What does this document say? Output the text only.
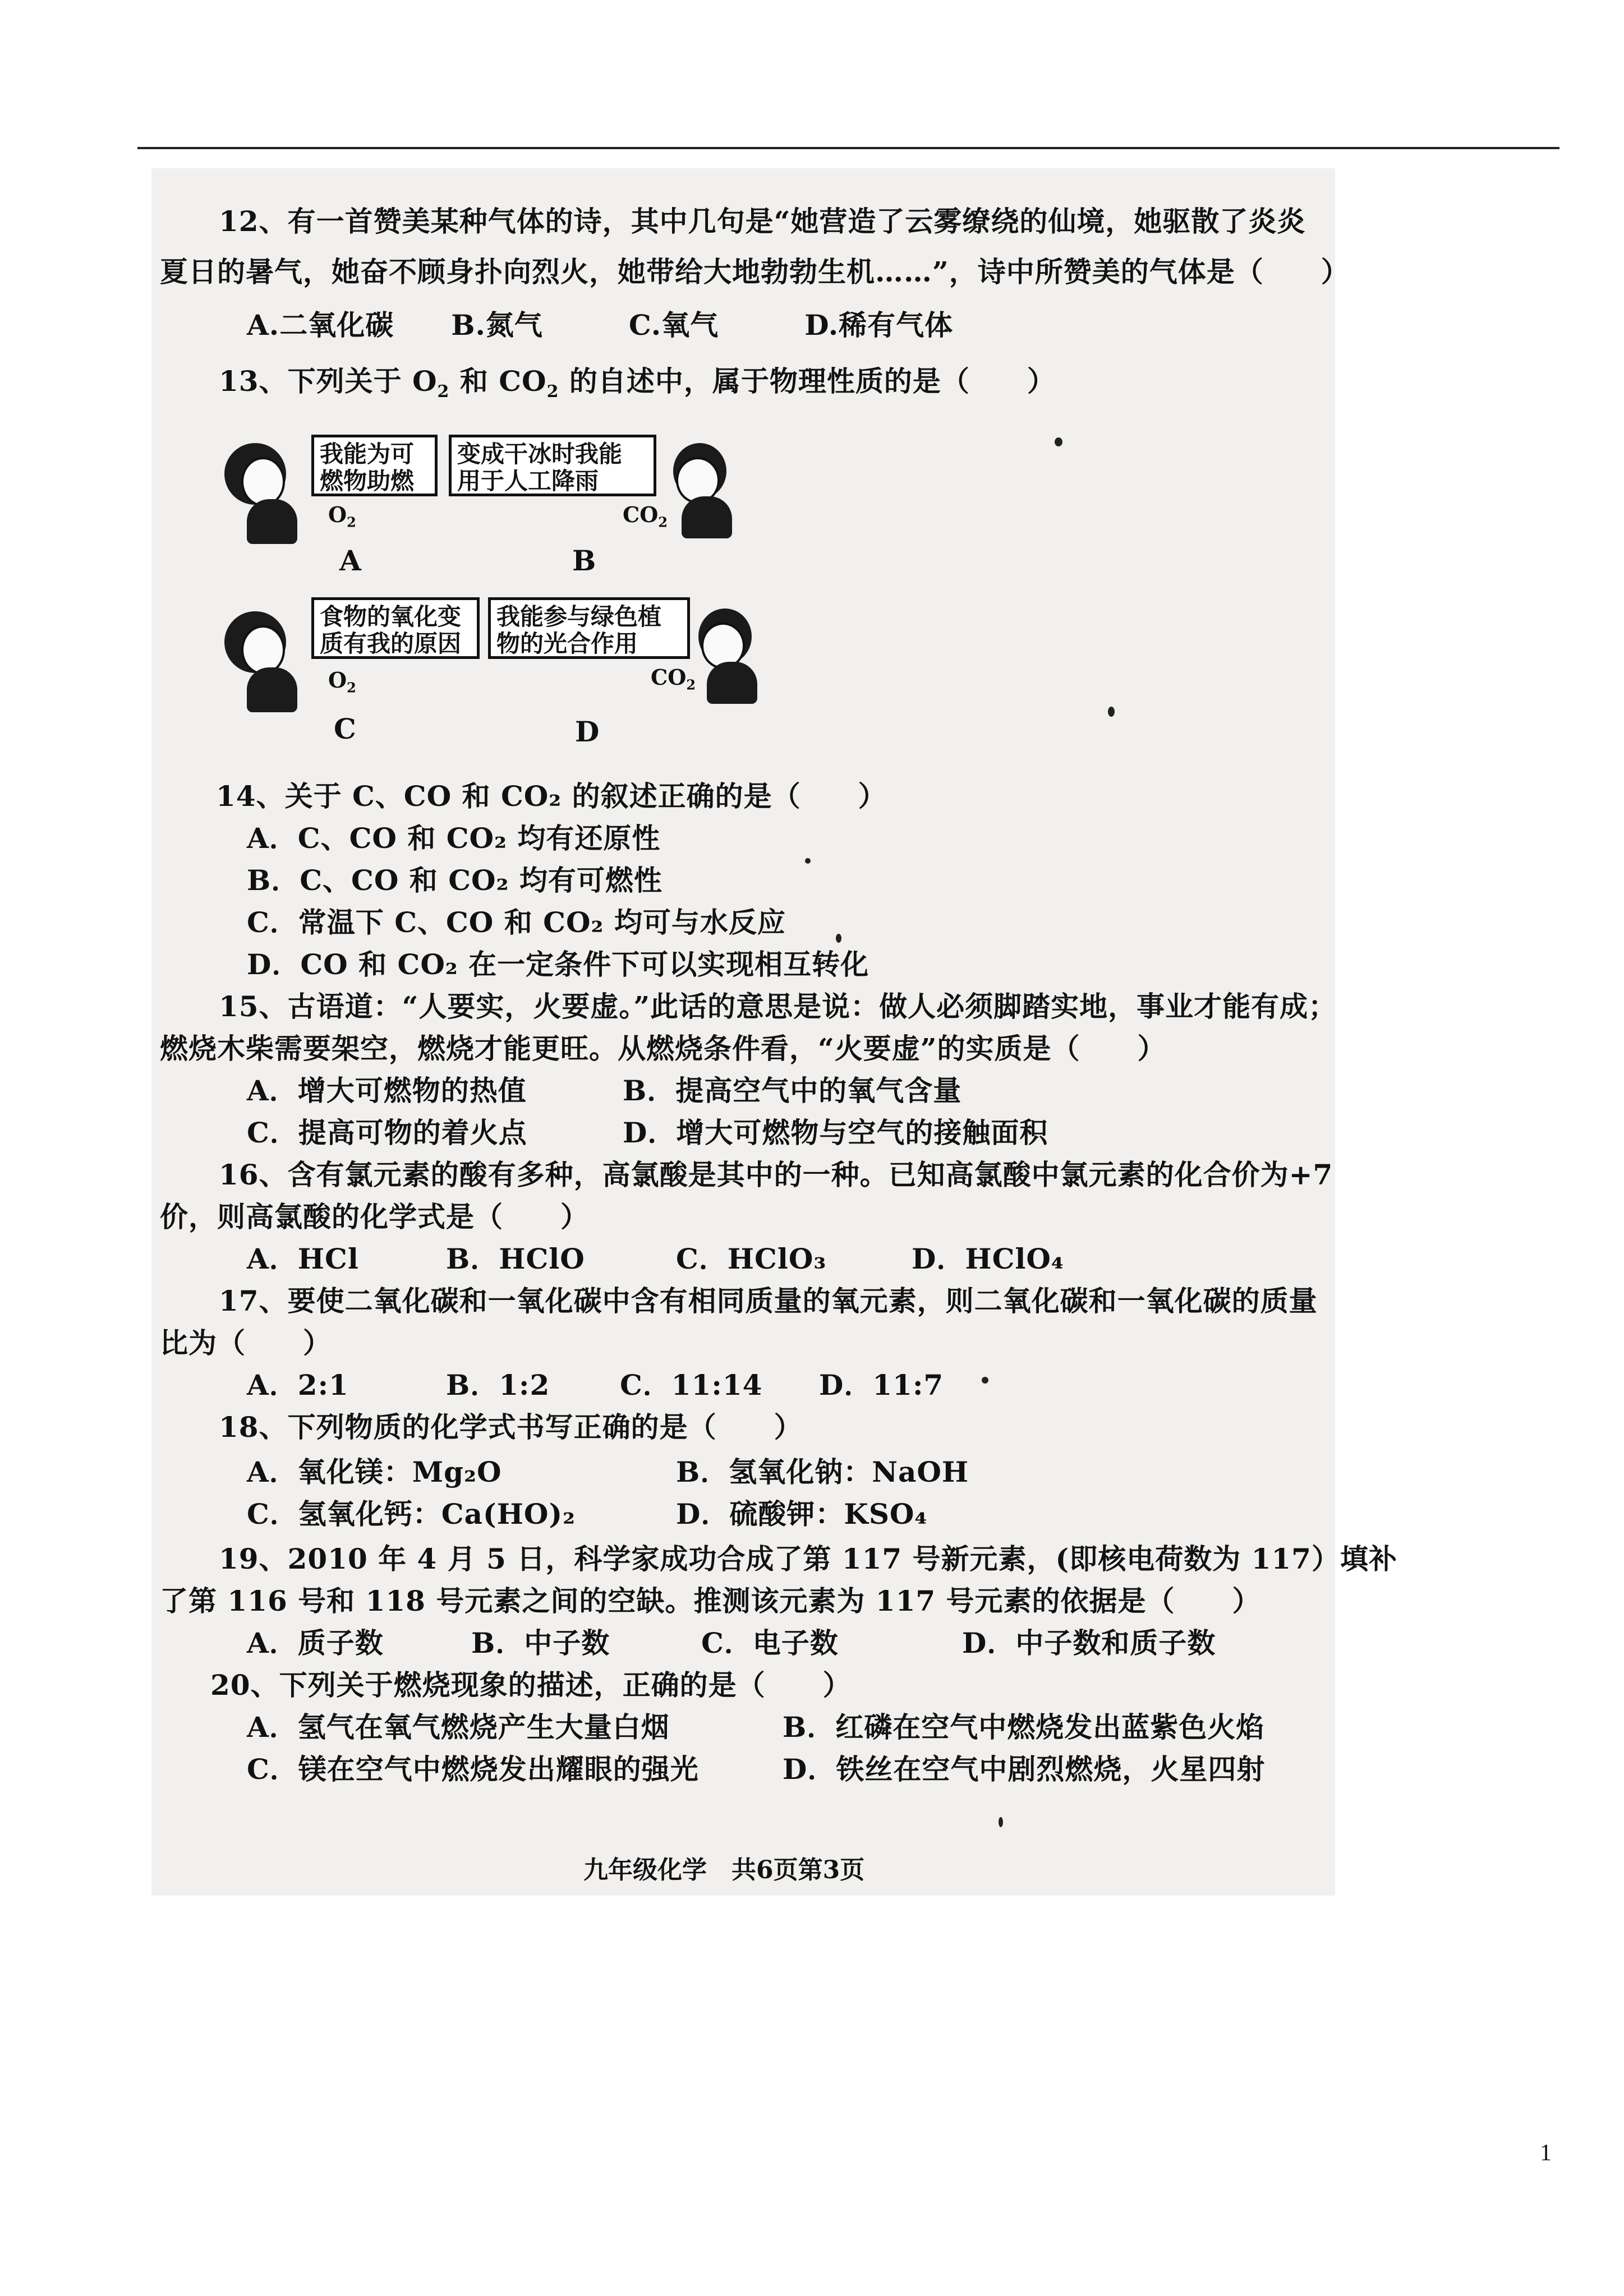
12、有一首赞美某种气体的诗，其中几句是“她营造了云雾缭绕的仙境，她驱散了炎炎
夏日的暑气，她奋不顾身扑向烈火，她带给大地勃勃生机……”，诗中所赞美的气体是（　　）
A.二氧化碳　　B.氮气　　　C.氧气　　　D.稀有气体
13、下列关于 $O_2$ 和 $CO_2$ 的自述中，属于物理性质的是（　　）
我能为可
燃物助燃
$O_2$
A
变成干冰时我能
用于人工降雨
$CO_2$
B
食物的氧化变
质有我的原因
$O_2$
C
我能参与绿色植
物的光合作用
$CO_2$
D
14、关于 C、CO 和 CO₂ 的叙述正确的是（　　）
A．C、CO 和 CO₂ 均有还原性
B．C、CO 和 CO₂ 均有可燃性
C．常温下 C、CO 和 CO₂ 均可与水反应
D．CO 和 CO₂ 在一定条件下可以实现相互转化
15、古语道：“人要实，火要虚。”此话的意思是说：做人必须脚踏实地，事业才能有成；
燃烧木柴需要架空，燃烧才能更旺。从燃烧条件看，“火要虚”的实质是（　　）
A．增大可燃物的热值	B．提高空气中的氧气含量
C．提高可物的着火点	D．增大可燃物与空气的接触面积
16、含有氯元素的酸有多种，高氯酸是其中的一种。已知高氯酸中氯元素的化合价为+7
价，则高氯酸的化学式是（　　）
A．HCl	B．HClO	C．HClO₃	D．HClO₄
17、要使二氧化碳和一氧化碳中含有相同质量的氧元素，则二氧化碳和一氧化碳的质量
比为（　　）
A．2:1	B．1:2 C．11:14 D．11:7
18、下列物质的化学式书写正确的是（　　）
A．氧化镁：Mg₂O	B．氢氧化钠：NaOH
C．氢氧化钙：Ca(HO)₂	D．硫酸钾：KSO₄
19、2010 年 4 月 5 日，科学家成功合成了第 117 号新元素，(即核电荷数为 117）填补
了第 116 号和 118 号元素之间的空缺。推测该元素为 117 号元素的依据是（　　）
A．质子数	B．中子数	C．电子数	D．中子数和质子数
20、下列关于燃烧现象的描述，正确的是（　　）
A．氢气在氧气燃烧产生大量白烟	B．红磷在空气中燃烧发出蓝紫色火焰
C．镁在空气中燃烧发出耀眼的强光	D．铁丝在空气中剧烈燃烧，火星四射
九年级化学　共6页第3页
1
